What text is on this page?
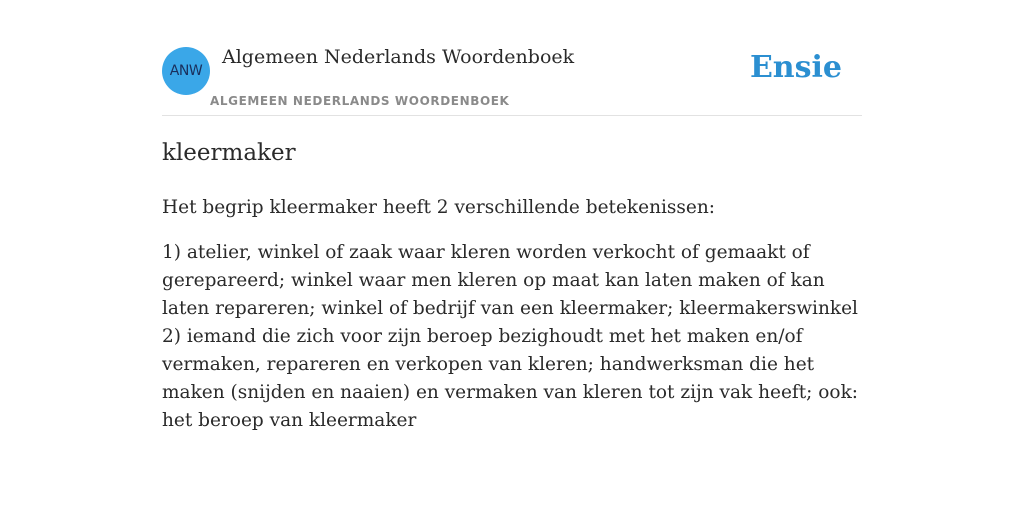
ANW
Algemeen Nederlands Woordenboek
ALGEMEEN NEDERLANDS WOORDENBOEK
Ensie
kleermaker

Het begrip kleermaker heeft 2 verschillende betekenissen:

1) atelier, winkel of zaak waar kleren worden verkocht of gemaakt of gerepareerd; winkel waar men kleren op maat kan laten maken of kan laten repareren; winkel of bedrijf van een kleermaker; kleermakerswinkel
2) iemand die zich voor zijn beroep bezighoudt met het maken en/of vermaken, repareren en verkopen van kleren; handwerksman die het maken (snijden en naaien) en vermaken van kleren tot zijn vak heeft; ook: het beroep van kleermaker
